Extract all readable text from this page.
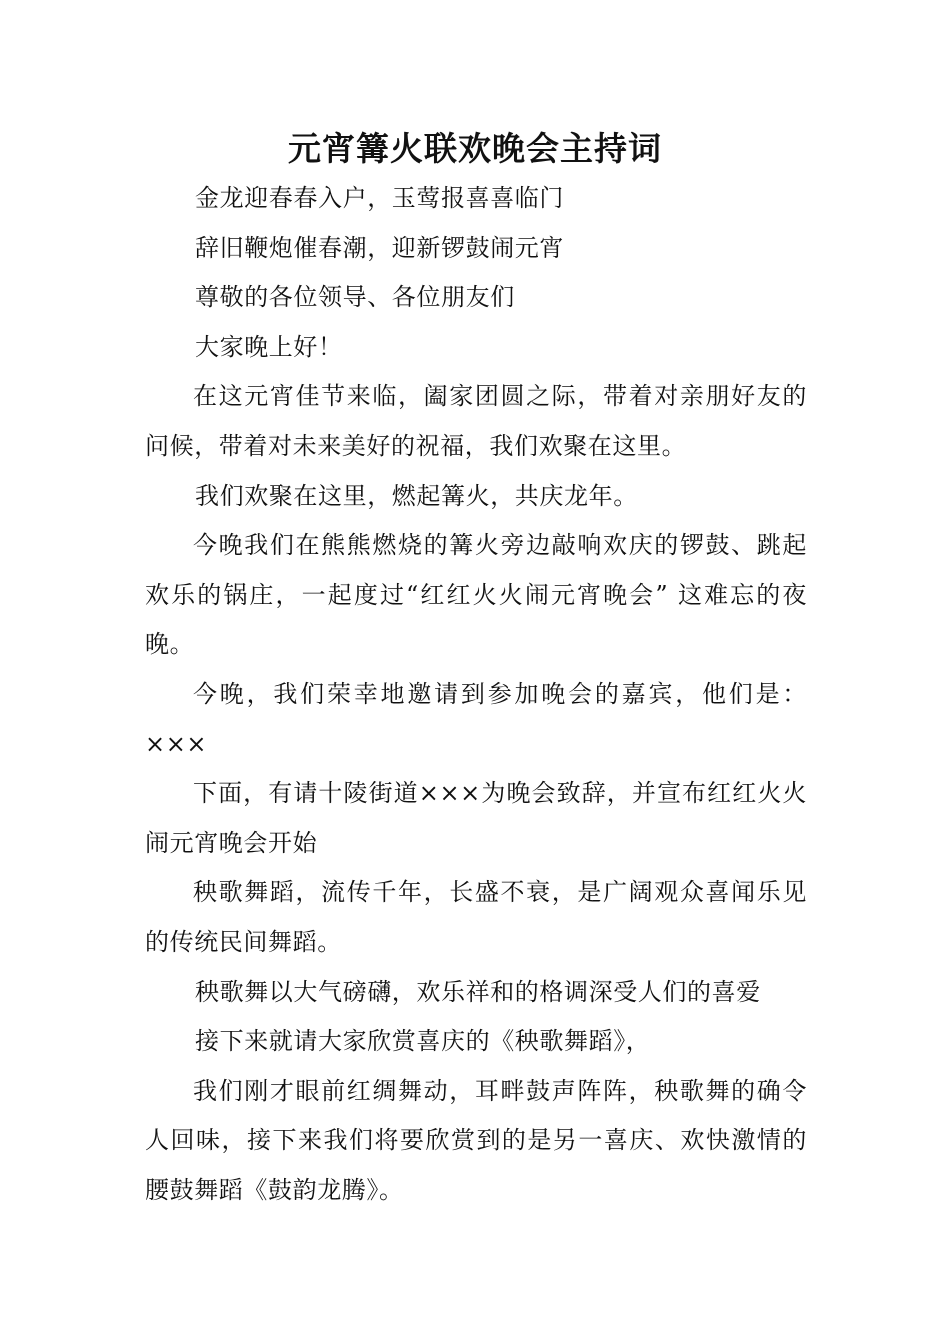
元宵篝火联欢晚会主持词

金龙迎春春入户，玉莺报喜喜临门

辞旧鞭炮催春潮，迎新锣鼓闹元宵

尊敬的各位领导、各位朋友们

大家晚上好！

在这元宵佳节来临，阖家团圆之际，带着对亲朋好友的问候，带着对未来美好的祝福，我们欢聚在这里。

我们欢聚在这里，燃起篝火，共庆龙年。

今晚我们在熊熊燃烧的篝火旁边敲响欢庆的锣鼓、跳起欢乐的锅庄，一起度过“红红火火闹元宵晚会” 这难忘的夜晚。

今晚，我们荣幸地邀请到参加晚会的嘉宾，他们是：×××

下面，有请十陵街道×××为晚会致辞，并宣布红红火火闹元宵晚会开始

秧歌舞蹈，流传千年，长盛不衰，是广阔观众喜闻乐见的传统民间舞蹈。

秧歌舞以大气磅礴，欢乐祥和的格调深受人们的喜爱

接下来就请大家欣赏喜庆的《秧歌舞蹈》，

我们刚才眼前红绸舞动，耳畔鼓声阵阵，秧歌舞的确令人回味，接下来我们将要欣赏到的是另一喜庆、欢快激情的腰鼓舞蹈《鼓韵龙腾》。
